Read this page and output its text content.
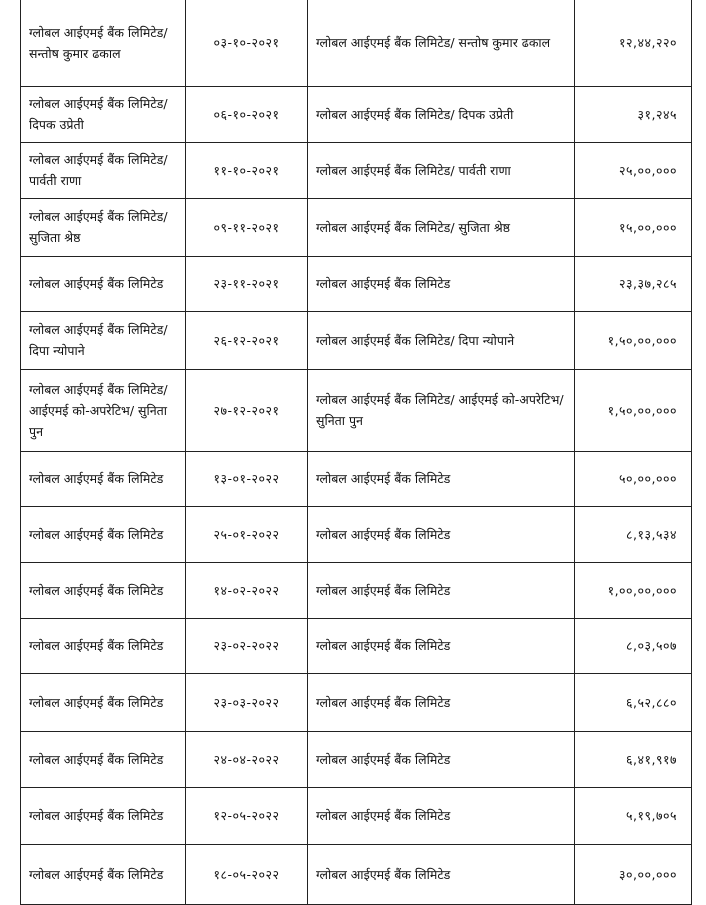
ग्लोबल आईएमई बैंक लिमिटेड/ सन्तोष कुमार ढकाल	०३-१०-२०२१	ग्लोबल आईएमई बैंक लिमिटेड/ सन्तोष कुमार ढकाल	१२,४४,२२०
ग्लोबल आईएमई बैंक लिमिटेड/ दिपक उप्रेती	०६-१०-२०२१	ग्लोबल आईएमई बैंक लिमिटेड/ दिपक उप्रेती	३१,२४५
ग्लोबल आईएमई बैंक लिमिटेड/ पार्वती राणा	११-१०-२०२१	ग्लोबल आईएमई बैंक लिमिटेड/ पार्वती राणा	२५,००,०००
ग्लोबल आईएमई बैंक लिमिटेड/ सुजिता श्रेष्ठ	०९-११-२०२१	ग्लोबल आईएमई बैंक लिमिटेड/ सुजिता श्रेष्ठ	१५,००,०००
ग्लोबल आईएमई बैंक लिमिटेड	२३-११-२०२१	ग्लोबल आईएमई बैंक लिमिटेड	२३,३७,२८५
ग्लोबल आईएमई बैंक लिमिटेड/ दिपा न्योपाने	२६-१२-२०२१	ग्लोबल आईएमई बैंक लिमिटेड/ दिपा न्योपाने	१,५०,००,०००
ग्लोबल आईएमई बैंक लिमिटेड/ आईएमई को-अपरेटिभ/ सुनिता पुन	२७-१२-२०२१	ग्लोबल आईएमई बैंक लिमिटेड/ आईएमई को-अपरेटिभ/ सुनिता पुन	१,५०,००,०००
ग्लोबल आईएमई बैंक लिमिटेड	१३-०१-२०२२	ग्लोबल आईएमई बैंक लिमिटेड	५०,००,०००
ग्लोबल आईएमई बैंक लिमिटेड	२५-०१-२०२२	ग्लोबल आईएमई बैंक लिमिटेड	८,१३,५३४
ग्लोबल आईएमई बैंक लिमिटेड	१४-०२-२०२२	ग्लोबल आईएमई बैंक लिमिटेड	१,००,००,०००
ग्लोबल आईएमई बैंक लिमिटेड	२३-०२-२०२२	ग्लोबल आईएमई बैंक लिमिटेड	८,०३,५०७
ग्लोबल आईएमई बैंक लिमिटेड	२३-०३-२०२२	ग्लोबल आईएमई बैंक लिमिटेड	६,५२,८८०
ग्लोबल आईएमई बैंक लिमिटेड	२४-०४-२०२२	ग्लोबल आईएमई बैंक लिमिटेड	६,४१,९१७
ग्लोबल आईएमई बैंक लिमिटेड	१२-०५-२०२२	ग्लोबल आईएमई बैंक लिमिटेड	५,१९,७०५
ग्लोबल आईएमई बैंक लिमिटेड	१८-०५-२०२२	ग्लोबल आईएमई बैंक लिमिटेड	३०,००,०००
